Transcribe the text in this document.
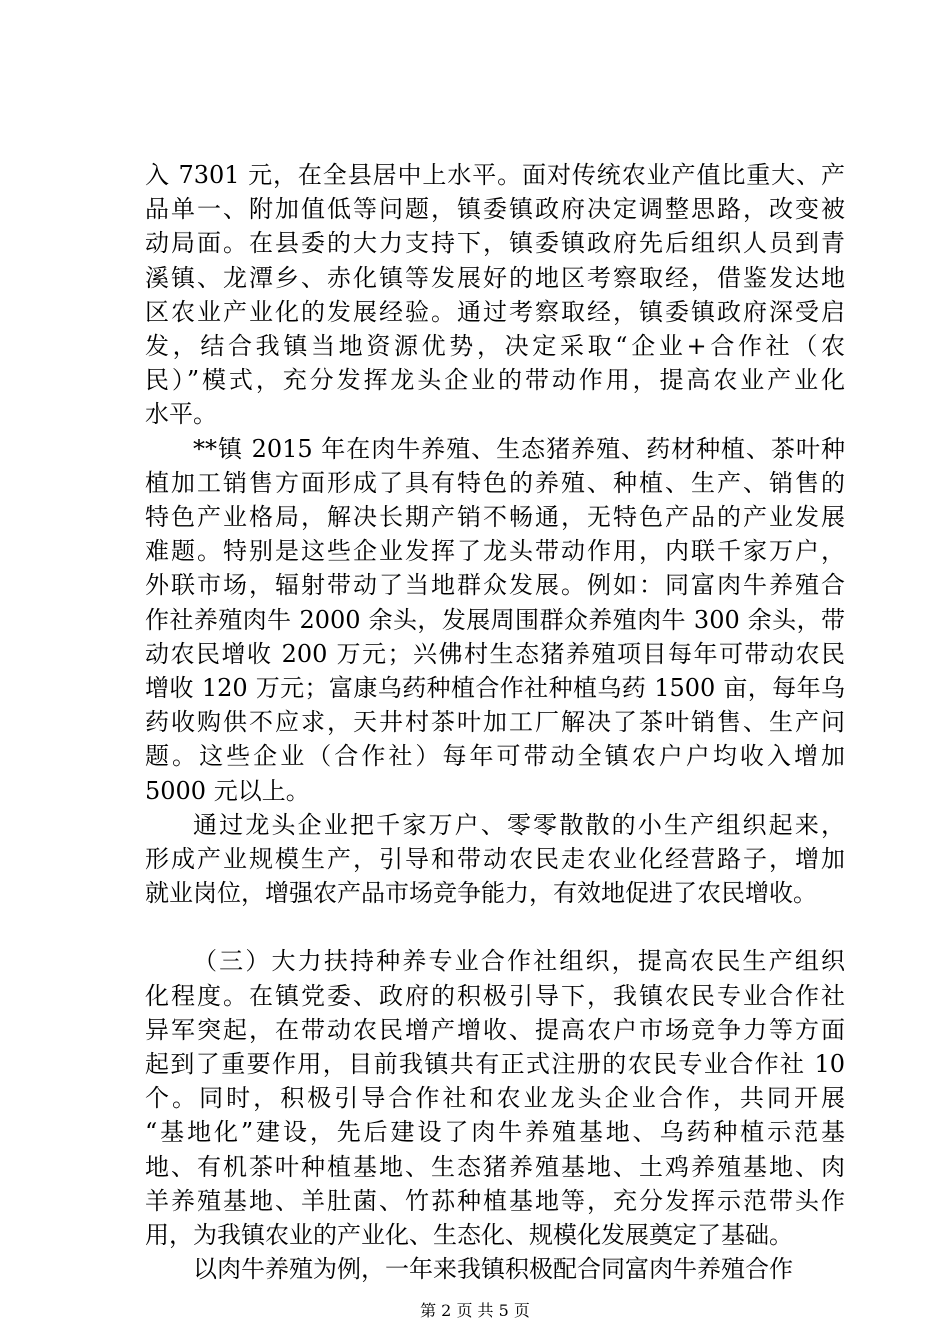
入 7301 元，在全县居中上水平。面对传统农业产值比重大、产
品单一、附加值低等问题，镇委镇政府决定调整思路，改变被
动局面。在县委的大力支持下，镇委镇政府先后组织人员到青
溪镇、龙潭乡、赤化镇等发展好的地区考察取经，借鉴发达地
区农业产业化的发展经验。通过考察取经，镇委镇政府深受启
发，结合我镇当地资源优势，决定采取“企业+合作社（农
民）”模式，充分发挥龙头企业的带动作用，提高农业产业化
水平。
**镇 2015 年在肉牛养殖、生态猪养殖、药材种植、茶叶种
植加工销售方面形成了具有特色的养殖、种植、生产、销售的
特色产业格局，解决长期产销不畅通，无特色产品的产业发展
难题。特别是这些企业发挥了龙头带动作用，内联千家万户，
外联市场，辐射带动了当地群众发展。例如：同富肉牛养殖合
作社养殖肉牛 2000 余头，发展周围群众养殖肉牛 300 余头，带
动农民增收 200 万元；兴佛村生态猪养殖项目每年可带动农民
增收 120 万元；富康乌药种植合作社种植乌药 1500 亩，每年乌
药收购供不应求，天井村茶叶加工厂解决了茶叶销售、生产问
题。这些企业（合作社）每年可带动全镇农户户均收入增加
5000 元以上。
通过龙头企业把千家万户、零零散散的小生产组织起来，
形成产业规模生产，引导和带动农民走农业化经营路子，增加
就业岗位，增强农产品市场竞争能力，有效地促进了农民增收。
（三）大力扶持种养专业合作社组织，提高农民生产组织
化程度。在镇党委、政府的积极引导下，我镇农民专业合作社
异军突起，在带动农民增产增收、提高农户市场竞争力等方面
起到了重要作用，目前我镇共有正式注册的农民专业合作社 10
个。同时，积极引导合作社和农业龙头企业合作，共同开展
“基地化”建设，先后建设了肉牛养殖基地、乌药种植示范基
地、有机茶叶种植基地、生态猪养殖基地、土鸡养殖基地、肉
羊养殖基地、羊肚菌、竹荪种植基地等，充分发挥示范带头作
用，为我镇农业的产业化、生态化、规模化发展奠定了基础。
以肉牛养殖为例，一年来我镇积极配合同富肉牛养殖合作
第 2 页 共 5 页
